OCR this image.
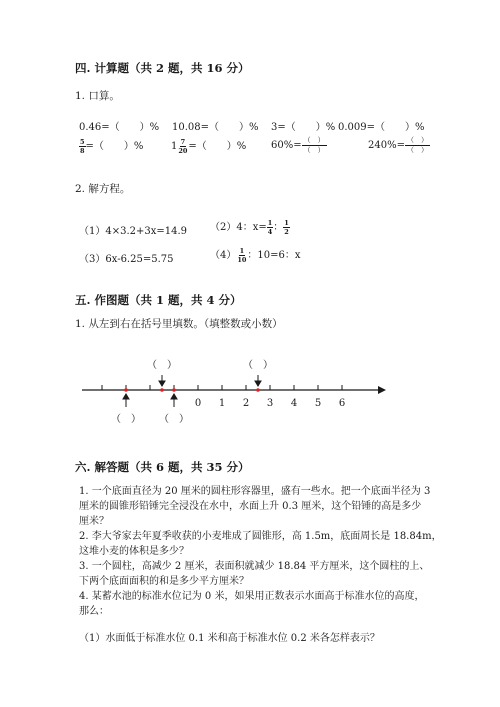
四. 计算题（共 2 题，共 16 分）
1. 口算。
0.46=（　　）% 10.08=（　　）% 3=（　　）% 0.009=（　　）%
$\frac{5}{8}$ =（　　）%	$1 \frac{7}{20}$ =（　　）% $60\%= \frac{( )}{( )}$	$240\%= \frac{( )}{( )}$
2. 解方程。
（1）4×3.2+3x=14.9 （2）4：$x= \frac{1}{4}$ ： $\frac{1}{2}$
（3）6x-6.25=5.75	$(4) \frac{1}{10}$ ：10=6：x
五. 作图题（共 1 题，共 4 分）
1. 从左到右在括号里填数。（填整数或小数）
0 1 2 3 4 5 6
（　）	（　）
（　） （　）
六. 解答题（共 6 题，共 35 分）
1. 一个底面直径为 20 厘米的圆柱形容器里，盛有一些水。把一个底面半径为 3
厘米的圆锥形铅锤完全浸没在水中，水面上升 0.3 厘米，这个铅锤的高是多少
厘米？
2. 李大爷家去年夏季收获的小麦堆成了圆锥形，高 1.5m，底面周长是 18.84m，
这堆小麦的体积是多少？
3. 一个圆柱，高减少 2 厘米，表面积就减少 18.84 平方厘米，这个圆柱的上、
下两个底面面积的和是多少平方厘米？
4. 某蓄水池的标准水位记为 0 米，如果用正数表示水面高于标准水位的高度，
那么：
（1）水面低于标准水位 0.1 米和高于标准水位 0.2 米各怎样表示？
